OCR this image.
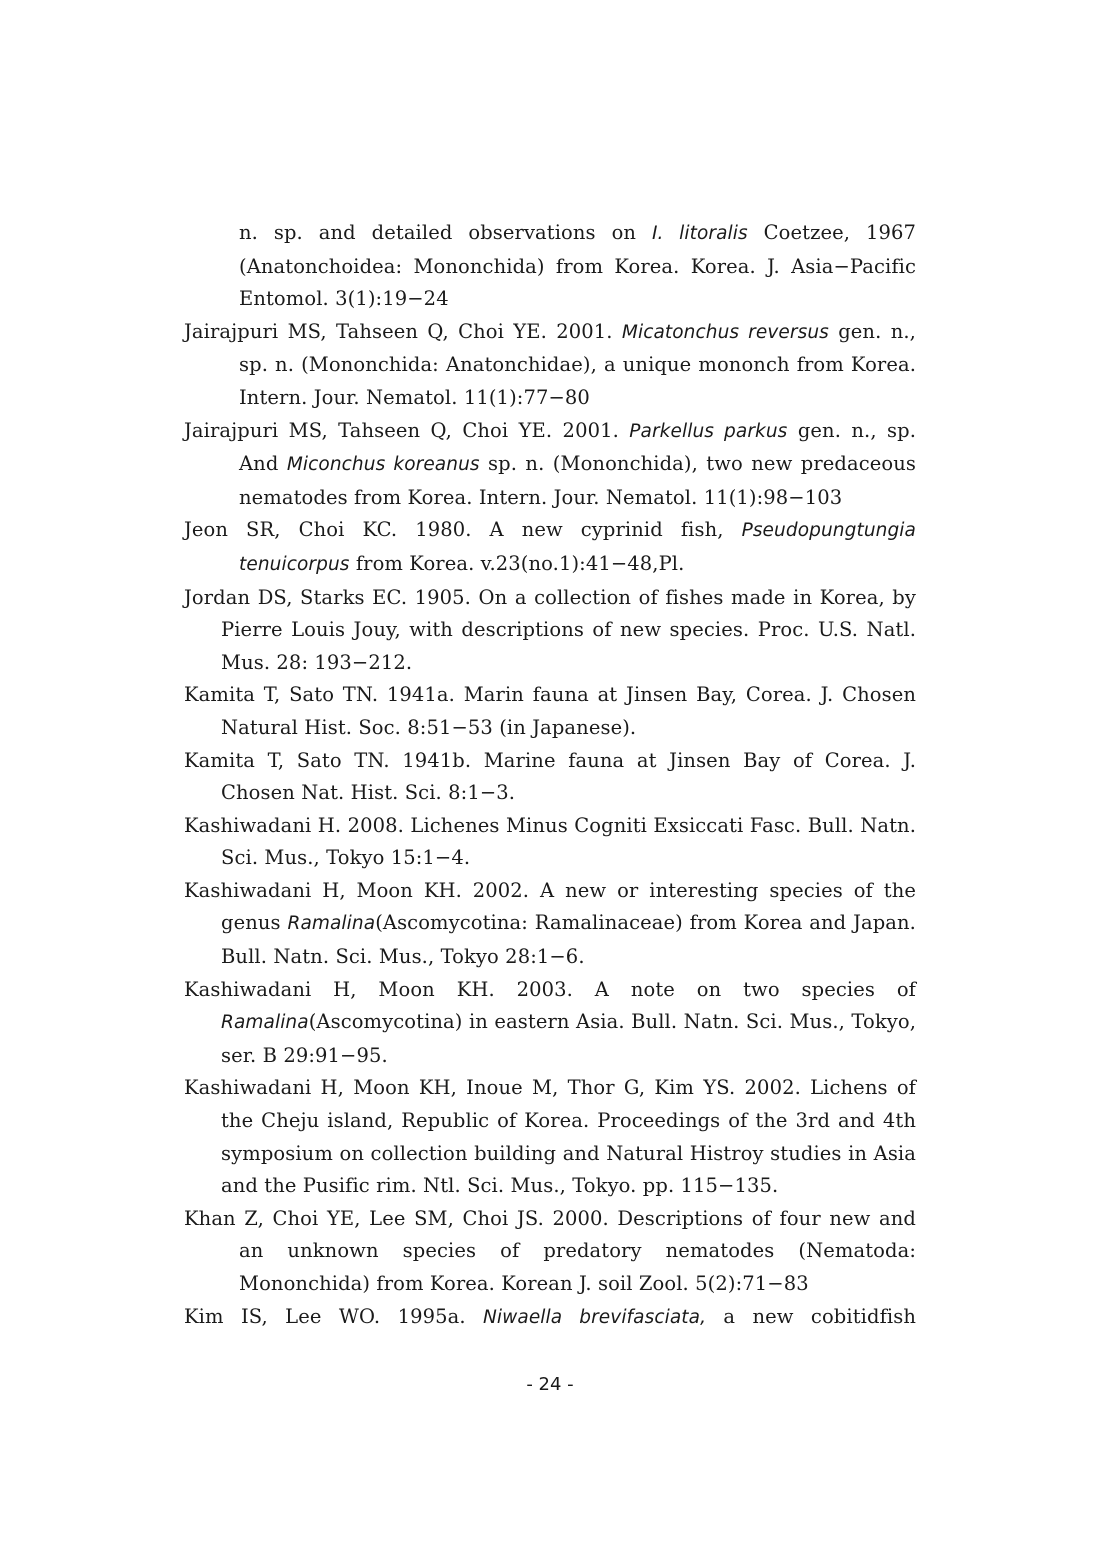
n. sp. and detailed observations on I. litoralis Coetzee, 1967 (Anatonchoidea: Mononchida) from Korea. Korea. J. Asia−Pacific Entomol. 3(1):19−24

Jairajpuri MS, Tahseen Q, Choi YE. 2001. Micatonchus reversus gen. n., sp. n. (Mononchida: Anatonchidae), a unique mononch from Korea. Intern. Jour. Nematol. 11(1):77−80

Jairajpuri MS, Tahseen Q, Choi YE. 2001. Parkellus parkus gen. n., sp. And Miconchus koreanus sp. n. (Mononchida), two new predaceous nematodes from Korea. Intern. Jour. Nematol. 11(1):98−103

Jeon SR, Choi KC. 1980. A new cyprinid fish, Pseudopungtungia tenuicorpus from Korea. v.23(no.1):41−48,Pl.

Jordan DS, Starks EC. 1905. On a collection of fishes made in Korea, by Pierre Louis Jouy, with descriptions of new species. Proc. U.S. Natl. Mus. 28: 193−212.

Kamita T, Sato TN. 1941a. Marin fauna at Jinsen Bay, Corea. J. Chosen Natural Hist. Soc. 8:51−53 (in Japanese).

Kamita T, Sato TN. 1941b. Marine fauna at Jinsen Bay of Corea. J. Chosen Nat. Hist. Sci. 8:1−3.

Kashiwadani H. 2008. Lichenes Minus Cogniti Exsiccati Fasc. Bull. Natn. Sci. Mus., Tokyo 15:1−4.

Kashiwadani H, Moon KH. 2002. A new or interesting species of the genus Ramalina(Ascomycotina: Ramalinaceae) from Korea and Japan. Bull. Natn. Sci. Mus., Tokyo 28:1−6.

Kashiwadani H, Moon KH. 2003. A note on two species of Ramalina(Ascomycotina) in eastern Asia. Bull. Natn. Sci. Mus., Tokyo, ser. B 29:91−95.

Kashiwadani H, Moon KH, Inoue M, Thor G, Kim YS. 2002. Lichens of the Cheju island, Republic of Korea. Proceedings of the 3rd and 4th symposium on collection building and Natural Histroy studies in Asia and the Pusific rim. Ntl. Sci. Mus., Tokyo. pp. 115−135.

Khan Z, Choi YE, Lee SM, Choi JS. 2000. Descriptions of four new and an unknown species of predatory nematodes (Nematoda: Mononchida) from Korea. Korean J. soil Zool. 5(2):71−83

Kim IS, Lee WO. 1995a. Niwaella brevifasciata, a new cobitidfish

- 24 -
